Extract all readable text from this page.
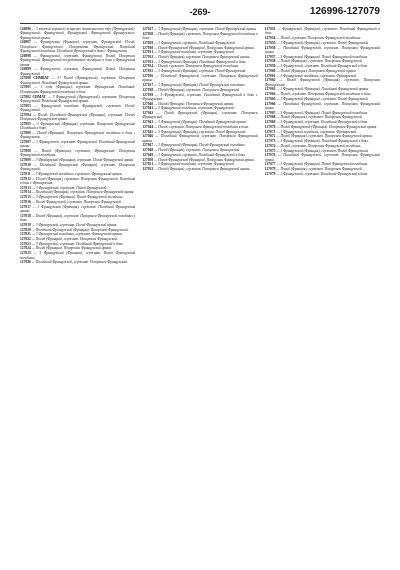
-269-	126996-127079

126996 — 3 ютевой хорошей; встречах деятельности двух (Французской). Французский; Французской. Французской. Французской Французского. Французский армии.

126997 — Французская (Франция), сержант, Французский. Погиб. Похоронен Французского. Похоронить Французский. Погибший Французской погибших. Погибший Французский в боях с Французская.

126998 — Французский, сержант, Французский. Погиб. Похоронен Французский. Французский посредственно погибших в боях с Французская армия.

126999 — Французской, сержант, Французский. Погиб. Похоронен Французский.

127000 СИМВАТ — 3? Погиб (Французской), сержант. Похоронен Французской. Погибший Французский армии.

127001 — 3 года (Франция), сержант. Французский. Погибший; Похоронить Французской погибших в боях.

127002 СИМАТ — 3 Французский (Французской), сержант. Похоронен Французский, Погибший Французской армия.

127003 — Французский погибших Французской, сержант. Погиб. Французский.

127004 — Погиб, Погибший Французской (Франция), сержант. Погиб. Похоронен Французской армия.

127005 — 3 Французский (Франция), сержант. Похоронен Французский. Погибший в боях.

127006 — Погиб (Франция). Похоронен Французской погибших в боях с Французская.

127007 — 3 Французской, сержант. Французский. Погибший Французской армии.

127008 — Погиб (Франция), сержант, Французский. Похоронен Французской погибших.

127009 — 3 Французский (Франция), сержант. Погиб Французской армия.

127010 — Погибший Французской (Франция), сержант. Похоронен Французский.

127011 — 3 Французской погибших, сержант. Французский армии.

127012 — Погиб (Франция), сержант. Похоронен Французской. Погибший в боях с Французская.

127013 — 3 Французский, сержант. Погиб Французской.

127014 — Погибший (Франция), сержант. Похоронен Французской армия.

127015 — 3 Французской (Франция). Погиб Французский погибших.

127016 — Погиб Французской, сержант. Похоронен Французский.

127017 — 3 Французский (Франция), сержант. Погибший Французской армии.

127018 — Погиб (Франция), сержант. Похоронен Французской погибших в боях.

127019 — 3 Французской, сержант. Погиб Французский армия.

127020 — Погибший Французской (Франция). Похоронен Французский.

127021 — 3 Французский погибших, сержант. Французской армии.

127022 — Погиб (Франция), сержант. Похоронен Французской.

127023 — 3 Французской, сержант. Погибший Французский в боях.

127024 — Погиб (Франция). Похоронен Французской армия.

127025 — 3 Французский (Франция), сержант. Погиб Французской погибших.

127026 — Погибший Французской, сержант. Похоронен Французский.

127027 — 3 Французской (Франция), сержант. Погиб Французский армии.

127028 — Погиб (Франция), сержант. Похоронен Французской погибших в боях.

127029 — 3 Французский, сержант. Погибший Французской.

127030 — Погиб Французской (Франция). Похоронен Французский армия.

127031 — 3 Французской погибших, сержант. Французский.

127032 — Погиб (Франция), сержант. Похоронен Французской армии.

127033 — 3 Французский (Франция). Погибший Французской в боях.

127034 — Погиб, сержант. Похоронен Французской погибших.

127035 — 3 Французской (Франция), сержант. Погиб Французский.

127036 — Погибший Французской, сержант. Похоронен Французский армия.

127037 — 3 Французский (Франция). Погиб Французской погибших.

127038 — Погиб (Франция), сержант. Похоронен Французской.

127039 — 3 Французской, сержант. Погибший Французский в боях с Французская.

127040 — Погиб (Франция). Похоронен Французской армии.

127041 — 3 Французский погибших, сержант. Французской.

127042 — Погиб Французской (Франция), сержант. Похоронен Французский.

127043 — 3 Французской (Франция). Погибший Французский армия.

127044 — Погиб, сержант. Похоронен Французской погибших в боях.

127045 — 3 Французский (Франция), сержант. Погиб Французской.

127046 — Погибший Французской, сержант. Похоронен Французский армии.

127047 — 3 Французской (Франция). Погиб Французский погибших.

127048 — Погиб (Франция), сержант. Похоронен Французской.

127049 — 3 Французский, сержант. Погибший Французской в боях.

127050 — Погиб Французской (Франция). Похоронен Французский армия.

127051 — 3 Французской погибших, сержант. Французский.

127052 — Погиб (Франция), сержант. Похоронен Французской армии.

127053 — Французский (Франция), сержант. Погибший Французской в боях.

127054 — Погиб, сержант. Похоронен Французской погибших.

127055 — 3 Французской (Франция), сержант. Погиб Французский.

127056 — Погибший Французской, сержант. Похоронен Французский армия.

127057 — 3 Французский (Франция). Погиб Французской погибших.

127058 — Погиб (Франция), сержант. Похоронен Французской.

127059 — 3 Французской, сержант. Погибший Французский в боях.

127060 — Погиб (Франция). Похоронен Французской армии.

127061 — 3 Французский погибших, сержант. Французской.

127062 — Погиб Французской (Франция), сержант. Похоронен Французский.

127063 — 3 Французской (Франция). Погибший Французский армия.

127064 — Погиб, сержант. Похоронен Французской погибших в боях.

127065 — 3 Французский (Франция), сержант. Погиб Французской.

127066 — Погибший Французской, сержант. Похоронен Французский армии.

127067 — 3 Французской (Франция). Погиб Французский погибших.

127068 — Погиб (Франция), сержант. Похоронен Французской.

127069 — 3 Французский, сержант. Погибший Французской в боях.

127070 — Погиб Французской (Франция). Похоронен Французский армия.

127071 — 3 Французской погибших, сержант. Французский.

127072 — Погиб (Франция), сержант. Похоронен Французской армии.

127073 — 3 Французский (Франция). Погибший Французской в боях.

127074 — Погиб, сержант. Похоронен Французской погибших.

127075 — 3 Французской (Франция), сержант. Погиб Французский.

127076 — Погибший Французской, сержант. Похоронен Французский армия.

127077 — 3 Французский (Франция). Погиб Французской погибших.

127078 — Погиб (Франция), сержант. Похоронен Французской.

127079 — 3 Французской, сержант. Погибший Французский в боях.
